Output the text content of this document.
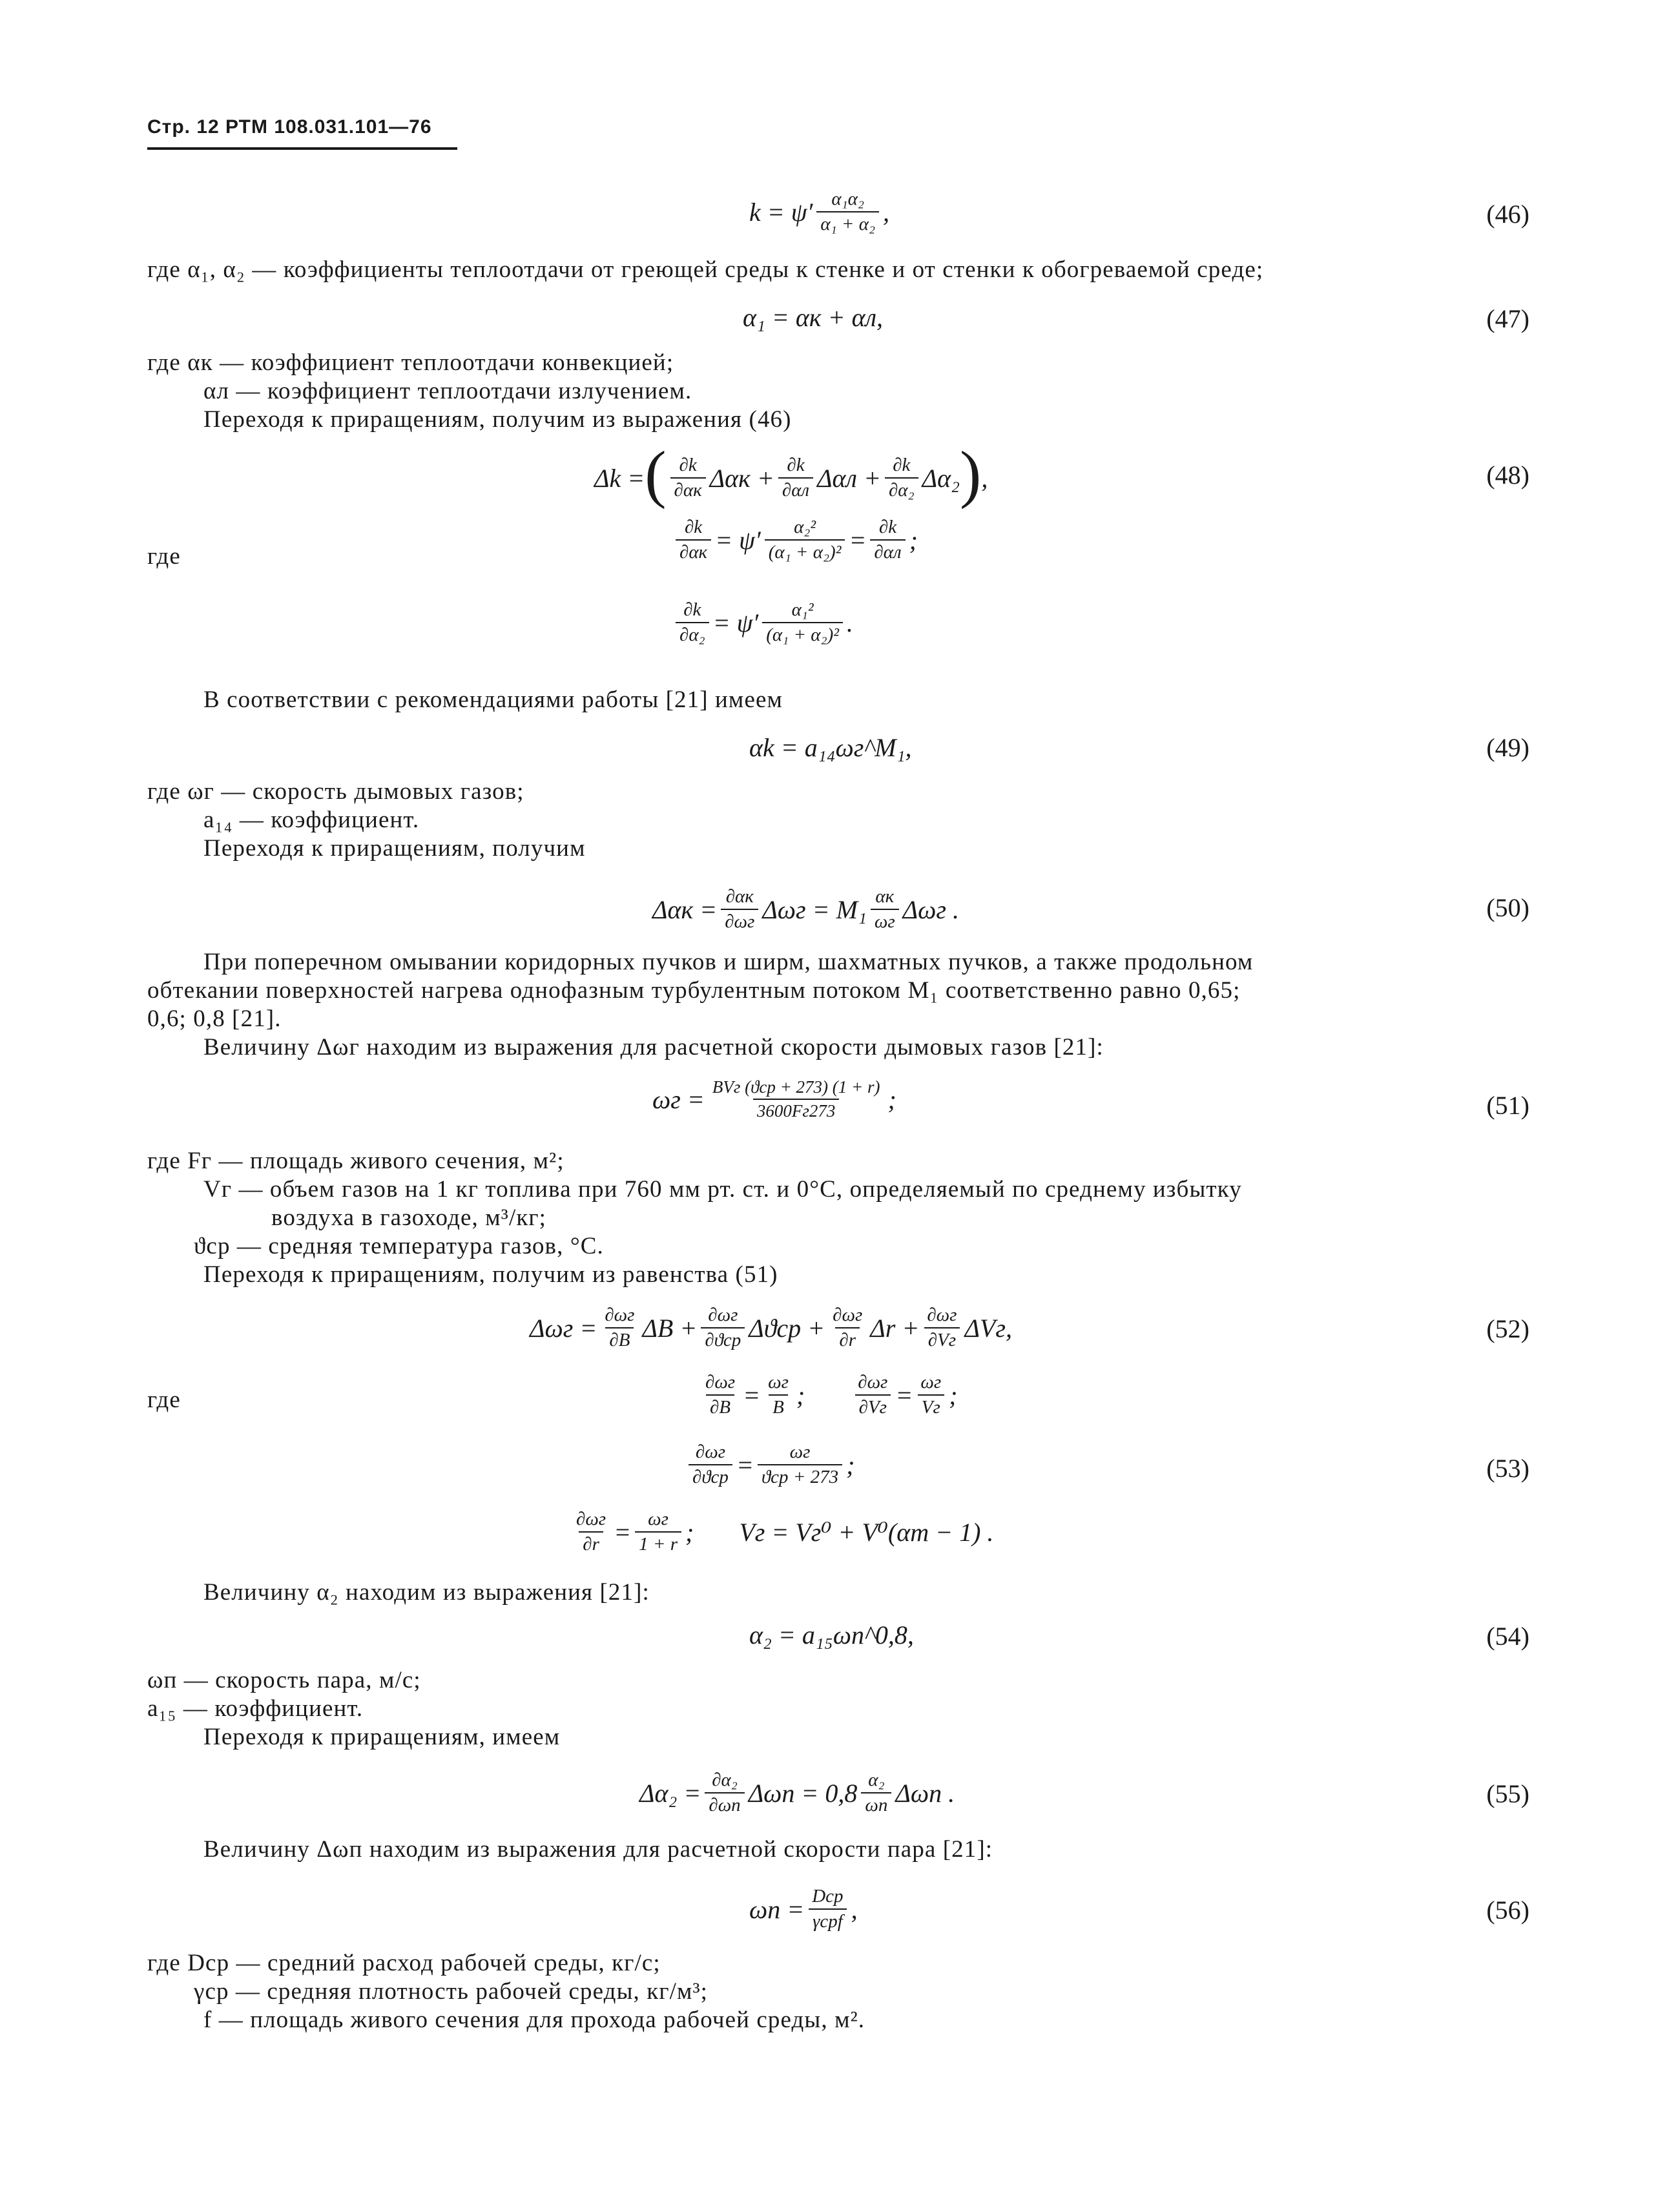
Стр. 12 РТМ 108.031.101—76
$k = \psi' \frac{\text{α₁α₂}}{\text{α₁ + α₂}}$ ,	(46)
где α₁, α₂ — коэффициенты теплоотдачи от греющей среды к стенке и от стенки к обогреваемой среде;
α₁ = αк + αл,	(47)
где αк — коэффициент теплоотдачи конвекцией;
αл — коэффициент теплоотдачи излучением.
Переходя к приращениям, получим из выражения (46)
Δk = ( $\frac{\partial k}{\partial\alpha к}$ $\Delta\alpha к + \frac{\partial k}{\partial\alpha л}$ $\Delta\alpha л + \frac{\partial k}{\text{∂α₂}} \Delta\alpha_2$ ) ,	(48)
где	$\frac{\partial k}{\partial\alpha к} = \psi' \frac{\text{α₂²}}{\text{(α₁ + α₂)²}} = \frac{\partial k}{\partial\alpha л}$ ;
$\frac{\partial k}{\text{∂α₂}} = \psi' \frac{\text{α₁²}}{\text{(α₁ + α₂)²}}$ .
В соответствии с рекомендациями работы [21] имеем
αk = a₁₄ωг^M₁,	(49)
где ωг — скорость дымовых газов;
a₁₄ — коэффициент.
Переходя к приращениям, получим
$\Delta\alpha к = \frac{\partial\alpha к}{\partial\omega г}$ $\Delta\omega г = M_1 \frac{\alpha к}{\omega г}$ Δωг .	(50)
При поперечном омывании коридорных пучков и ширм, шахматных пучков, а также продольном
обтекании поверхностей нагрева однофазным турбулентным потоком M₁ соответственно равно 0,65;
0,6; 0,8 [21].
Величину Δωг находим из выражения для расчетной скорости дымовых газов [21]:
$\omega г = \frac{\text{BVг (ϑср + 273) (1 + r)}}{3600Fг273}$ ;	(51)
где Fг — площадь живого сечения, м²;
Vг — объем газов на 1 кг топлива при 760 мм рт. ст. и 0°С, определяемый по среднему избытку
воздуха в газоходе, м³/кг;
ϑср — средняя температура газов, °С.
Переходя к приращениям, получим из равенства (51)
$\Delta\omega г = \frac{\partial\omega г}{\partial B}$ $\Delta B + \frac{\partial\omega г}{\text{∂ϑср}}$ $\Delta ϑср + \frac{\partial\omega г}{\partial r}$ $\Delta r + \frac{\partial\omega г}{\partial Vг} \Delta Vг$,	(52)
где	$\frac{\partial\omega г}{\partial B} = \frac{\omega г}{B}$ ;	$\frac{\partial\omega г}{\partial Vг} = \frac{\omega г}{Vг}$ ;
$\frac{\partial\omega г}{\text{∂ϑср}} = \frac{\omega г}{\text{ϑср + 273}}$ ;	(53)
$\frac{\partial\omega г}{\partial r} = \frac{\omega г}{1 + r}$ ; Vг = Vг⁰ + V⁰(αт − 1) .
Величину α₂ находим из выражения [21]:
α₂ = a₁₅ωп^0,8,	(54)
ωп — скорость пара, м/с;
a₁₅ — коэффициент.
Переходя к приращениям, имеем
$\Delta\alpha_2 = \frac{\text{∂α₂}}{\partial\omega п}$ $\Delta\omega п = 0,8 \frac{\text{α₂}}{\omega п}$ Δωп .	(55)
Величину Δωп находим из выражения для расчетной скорости пара [21]:
$\omega п = \frac{\text{Dср}}{\text{γсрf}}$ ,	(56)
где Dср — средний расход рабочей среды, кг/с;
γср — средняя плотность рабочей среды, кг/м³;
f — площадь живого сечения для прохода рабочей среды, м².
